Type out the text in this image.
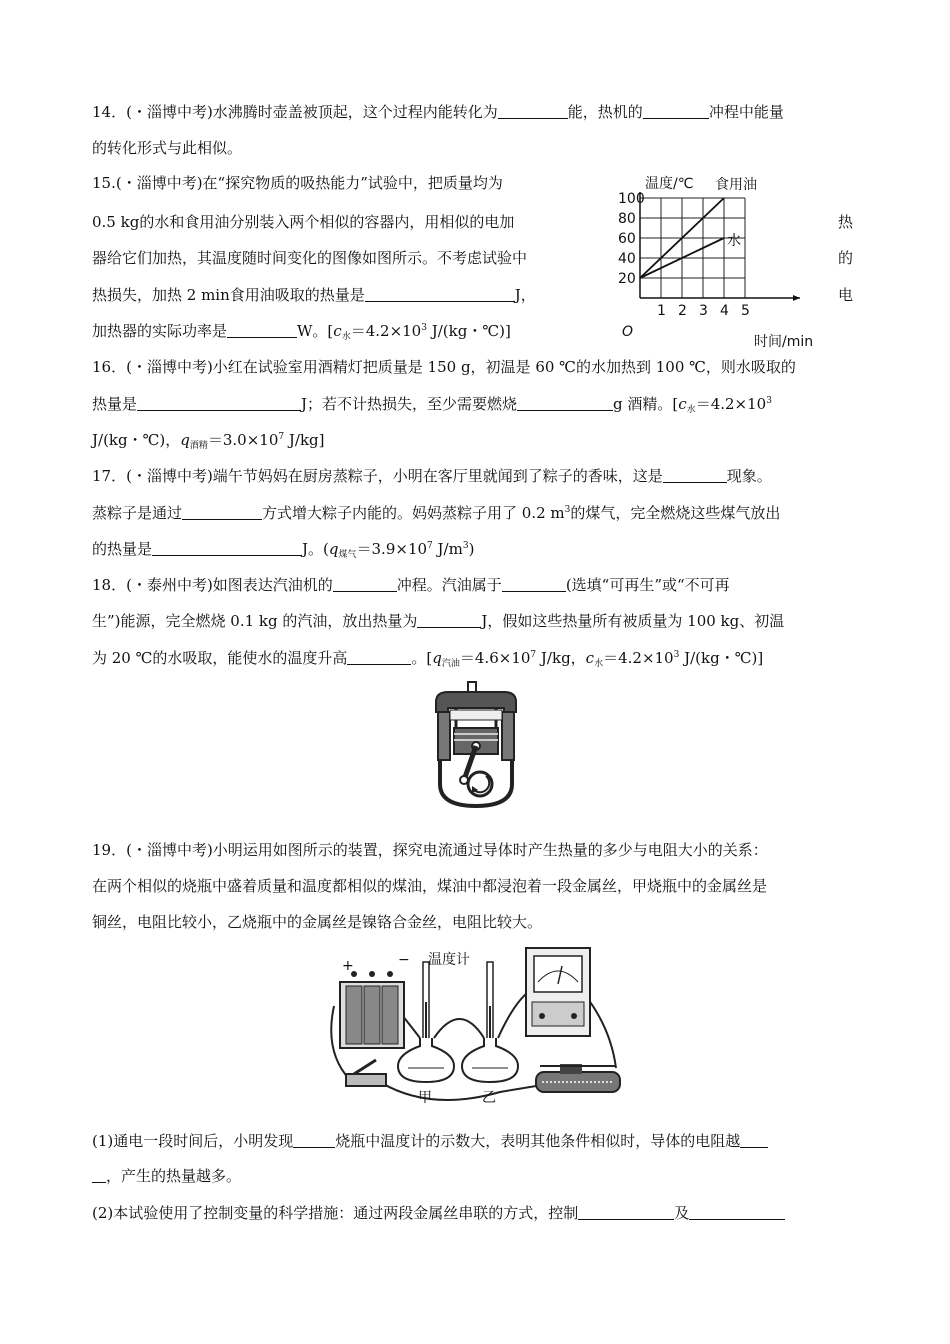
14．(・淄博中考)水沸腾时壶盖被顶起，这个过程内能转化为	能，热机的	冲程中能量
的转化形式与此相似。
15.(・淄博中考)在“探究物质的吸热能力”试验中，把质量均为
0.5 kg的水和食用油分别装入两个相似的容器内，用相似的电加
器给它们加热，其温度随时间变化的图像如图所示。不考虑试验中
热损失，加热 2 min食用油吸取的热量是	J，
加热器的实际功率是	W。[$c_水=4.2\times 10^3$ J/(kg・℃)]
热
的
电
1 2 3 4 5
20
40
60
80
100
温度/℃
时间/min
O
食用油
水
16．(・淄博中考)小红在试验室用酒精灯把质量是 150 g，初温是 60 ℃的水加热到 100 ℃，则水吸取的
热量是	J；若不计热损失，至少需要燃烧	g 酒精。[$c_水=4.2\times 10^3$
J/(kg・℃)，$q_{酒精}=3.0\times 10^7$ J/kg]
17．(・淄博中考)端午节妈妈在厨房蒸粽子，小明在客厅里就闻到了粽子的香味，这是	现象。
蒸粽子是通过	方式增大粽子内能的。妈妈蒸粽子用了 0.2 $m^3$的煤气，完全燃烧这些煤气放出
的热量是	J。($q_{煤气}=3.9\times 10^7$ $J/m^3$)
18．(・泰州中考)如图表达汽油机的	冲程。汽油属于	(选填“可再生”或“不可再
生”)能源，完全燃烧 0.1 kg 的汽油，放出热量为	J，假如这些热量所有被质量为 100 kg、初温
为 20 ℃的水吸取，能使水的温度升高	。[$q_{汽油}=4.6\times 10^7$ J/kg，$c_水=4.2\times 10^3$ J/(kg・℃)]
19．(・淄博中考)小明运用如图所示的装置，探究电流通过导体时产生热量的多少与电阻大小的关系：
在两个相似的烧瓶中盛着质量和温度都相似的煤油，煤油中都浸泡着一段金属丝，甲烧瓶中的金属丝是
铜丝，电阻比较小，乙烧瓶中的金属丝是镍铬合金丝，电阻比较大。
+	− 温度计
甲	乙
(1)通电一段时间后，小明发现	烧瓶中温度计的示数大，表明其他条件相似时，导体的电阻越
，产生的热量越多。
(2)本试验使用了控制变量的科学措施：通过两段金属丝串联的方式，控制	及
